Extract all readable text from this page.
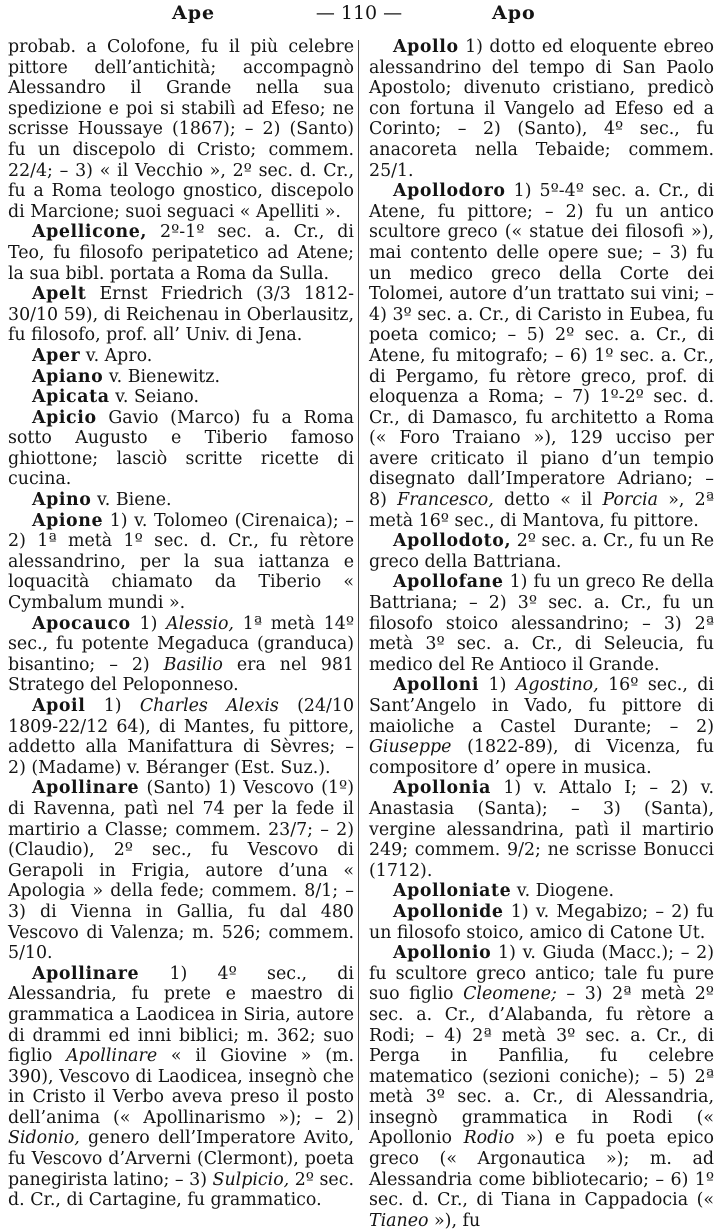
Ape	— 110 —	Apo

probab. a Colofone, fu il più celebre pittore dell’antichità; accompagnò Alessandro il Grande nella sua spedizione e poi si stabilì ad Efeso; ne scrisse Houssaye (1867); – 2) (Santo) fu un discepolo di Cristo; commem. 22/4; – 3) « il Vecchio », 2º sec. d. Cr., fu a Roma teologo gnostico, discepolo di Marcione; suoi seguaci « Apelliti ».

Apellicone, 2º-1º sec. a. Cr., di Teo, fu filosofo peripatetico ad Atene; la sua bibl. portata a Roma da Sulla.

Apelt Ernst Friedrich (3/3 1812-30/10 59), di Reichenau in Oberlausitz, fu filosofo, prof. all’ Univ. di Jena.

Aper v. Apro.

Apiano v. Bienewitz.

Apicata v. Seiano.

Apicio Gavio (Marco) fu a Roma sotto Augusto e Tiberio famoso ghiottone; lasciò scritte ricette di cucina.

Apino v. Biene.

Apione 1) v. Tolomeo (Cirenaica); – 2) 1ª metà 1º sec. d. Cr., fu rètore alessandrino, per la sua iattanza e loquacità chiamato da Tiberio « Cymbalum mundi ».

Apocauco 1) Alessio, 1ª metà 14º sec., fu potente Megaduca (granduca) bisantino; – 2) Basilio era nel 981 Stratego del Peloponneso.

Apoil 1) Charles Alexis (24/10 1809-22/12 64), di Mantes, fu pittore, addetto alla Manifattura di Sèvres; – 2) (Madame) v. Béranger (Est. Suz.).

Apollinare (Santo) 1) Vescovo (1º) di Ravenna, patì nel 74 per la fede il martirio a Classe; commem. 23/7; – 2) (Claudio), 2º sec., fu Vescovo di Gerapoli in Frigia, autore d’una « Apologia » della fede; commem. 8/1; – 3) di Vienna in Gallia, fu dal 480 Vescovo di Valenza; m. 526; commem. 5/10.

Apollinare 1) 4º sec., di Alessandria, fu prete e maestro di grammatica a Laodicea in Siria, autore di drammi ed inni biblici; m. 362; suo figlio Apollinare « il Giovine » (m. 390), Vescovo di Laodicea, insegnò che in Cristo il Verbo aveva preso il posto dell’anima (« Apollinarismo »); – 2) Sidonio, genero dell’Imperatore Avito, fu Vescovo d’Arverni (Clermont), poeta panegirista latino; – 3) Sulpicio, 2º sec. d. Cr., di Cartagine, fu grammatico.

Apollo 1) dotto ed eloquente ebreo alessandrino del tempo di San Paolo Apostolo; divenuto cristiano, predicò con fortuna il Vangelo ad Efeso ed a Corinto; – 2) (Santo), 4º sec., fu anacoreta nella Tebaide; commem. 25/1.

Apollodoro 1) 5º-4º sec. a. Cr., di Atene, fu pittore; – 2) fu un antico scultore greco (« statue dei filosofi »), mai contento delle opere sue; – 3) fu un medico greco della Corte dei Tolomei, autore d’un trattato sui vini; – 4) 3º sec. a. Cr., di Caristo in Eubea, fu poeta comico; – 5) 2º sec. a. Cr., di Atene, fu mitografo; – 6) 1º sec. a. Cr., di Pergamo, fu rètore greco, prof. di eloquenza a Roma; – 7) 1º-2º sec. d. Cr., di Damasco, fu architetto a Roma (« Foro Traiano »), 129 ucciso per avere criticato il piano d’un tempio disegnato dall’Imperatore Adriano; – 8) Francesco, detto « il Porcia », 2ª metà 16º sec., di Mantova, fu pittore.

Apollodoto, 2º sec. a. Cr., fu un Re greco della Battriana.

Apollofane 1) fu un greco Re della Battriana; – 2) 3º sec. a. Cr., fu un filosofo stoico alessandrino; – 3) 2ª metà 3º sec. a. Cr., di Seleucia, fu medico del Re Antioco il Grande.

Apolloni 1) Agostino, 16º sec., di Sant’Angelo in Vado, fu pittore di maioliche a Castel Durante; – 2) Giuseppe (1822-89), di Vicenza, fu compositore d’ opere in musica.

Apollonia 1) v. Attalo I; – 2) v. Anastasia (Santa); – 3) (Santa), vergine alessandrina, patì il martirio 249; commem. 9/2; ne scrisse Bonucci (1712).

Apolloniate v. Diogene.

Apollonide 1) v. Megabizo; – 2) fu un filosofo stoico, amico di Catone Ut.

Apollonio 1) v. Giuda (Macc.); – 2) fu scultore greco antico; tale fu pure suo figlio Cleomene; – 3) 2ª metà 2º sec. a. Cr., d’Alabanda, fu rètore a Rodi; – 4) 2ª metà 3º sec. a. Cr., di Perga in Panfilia, fu celebre matematico (sezioni coniche); – 5) 2ª metà 3º sec. a. Cr., di Alessandria, insegnò grammatica in Rodi (« Apollonio Rodio ») e fu poeta epico greco (« Argonautica »); m. ad Alessandria come bibliotecario; – 6) 1º sec. d. Cr., di Tiana in Cappadocia (« Tianeo »), fu
